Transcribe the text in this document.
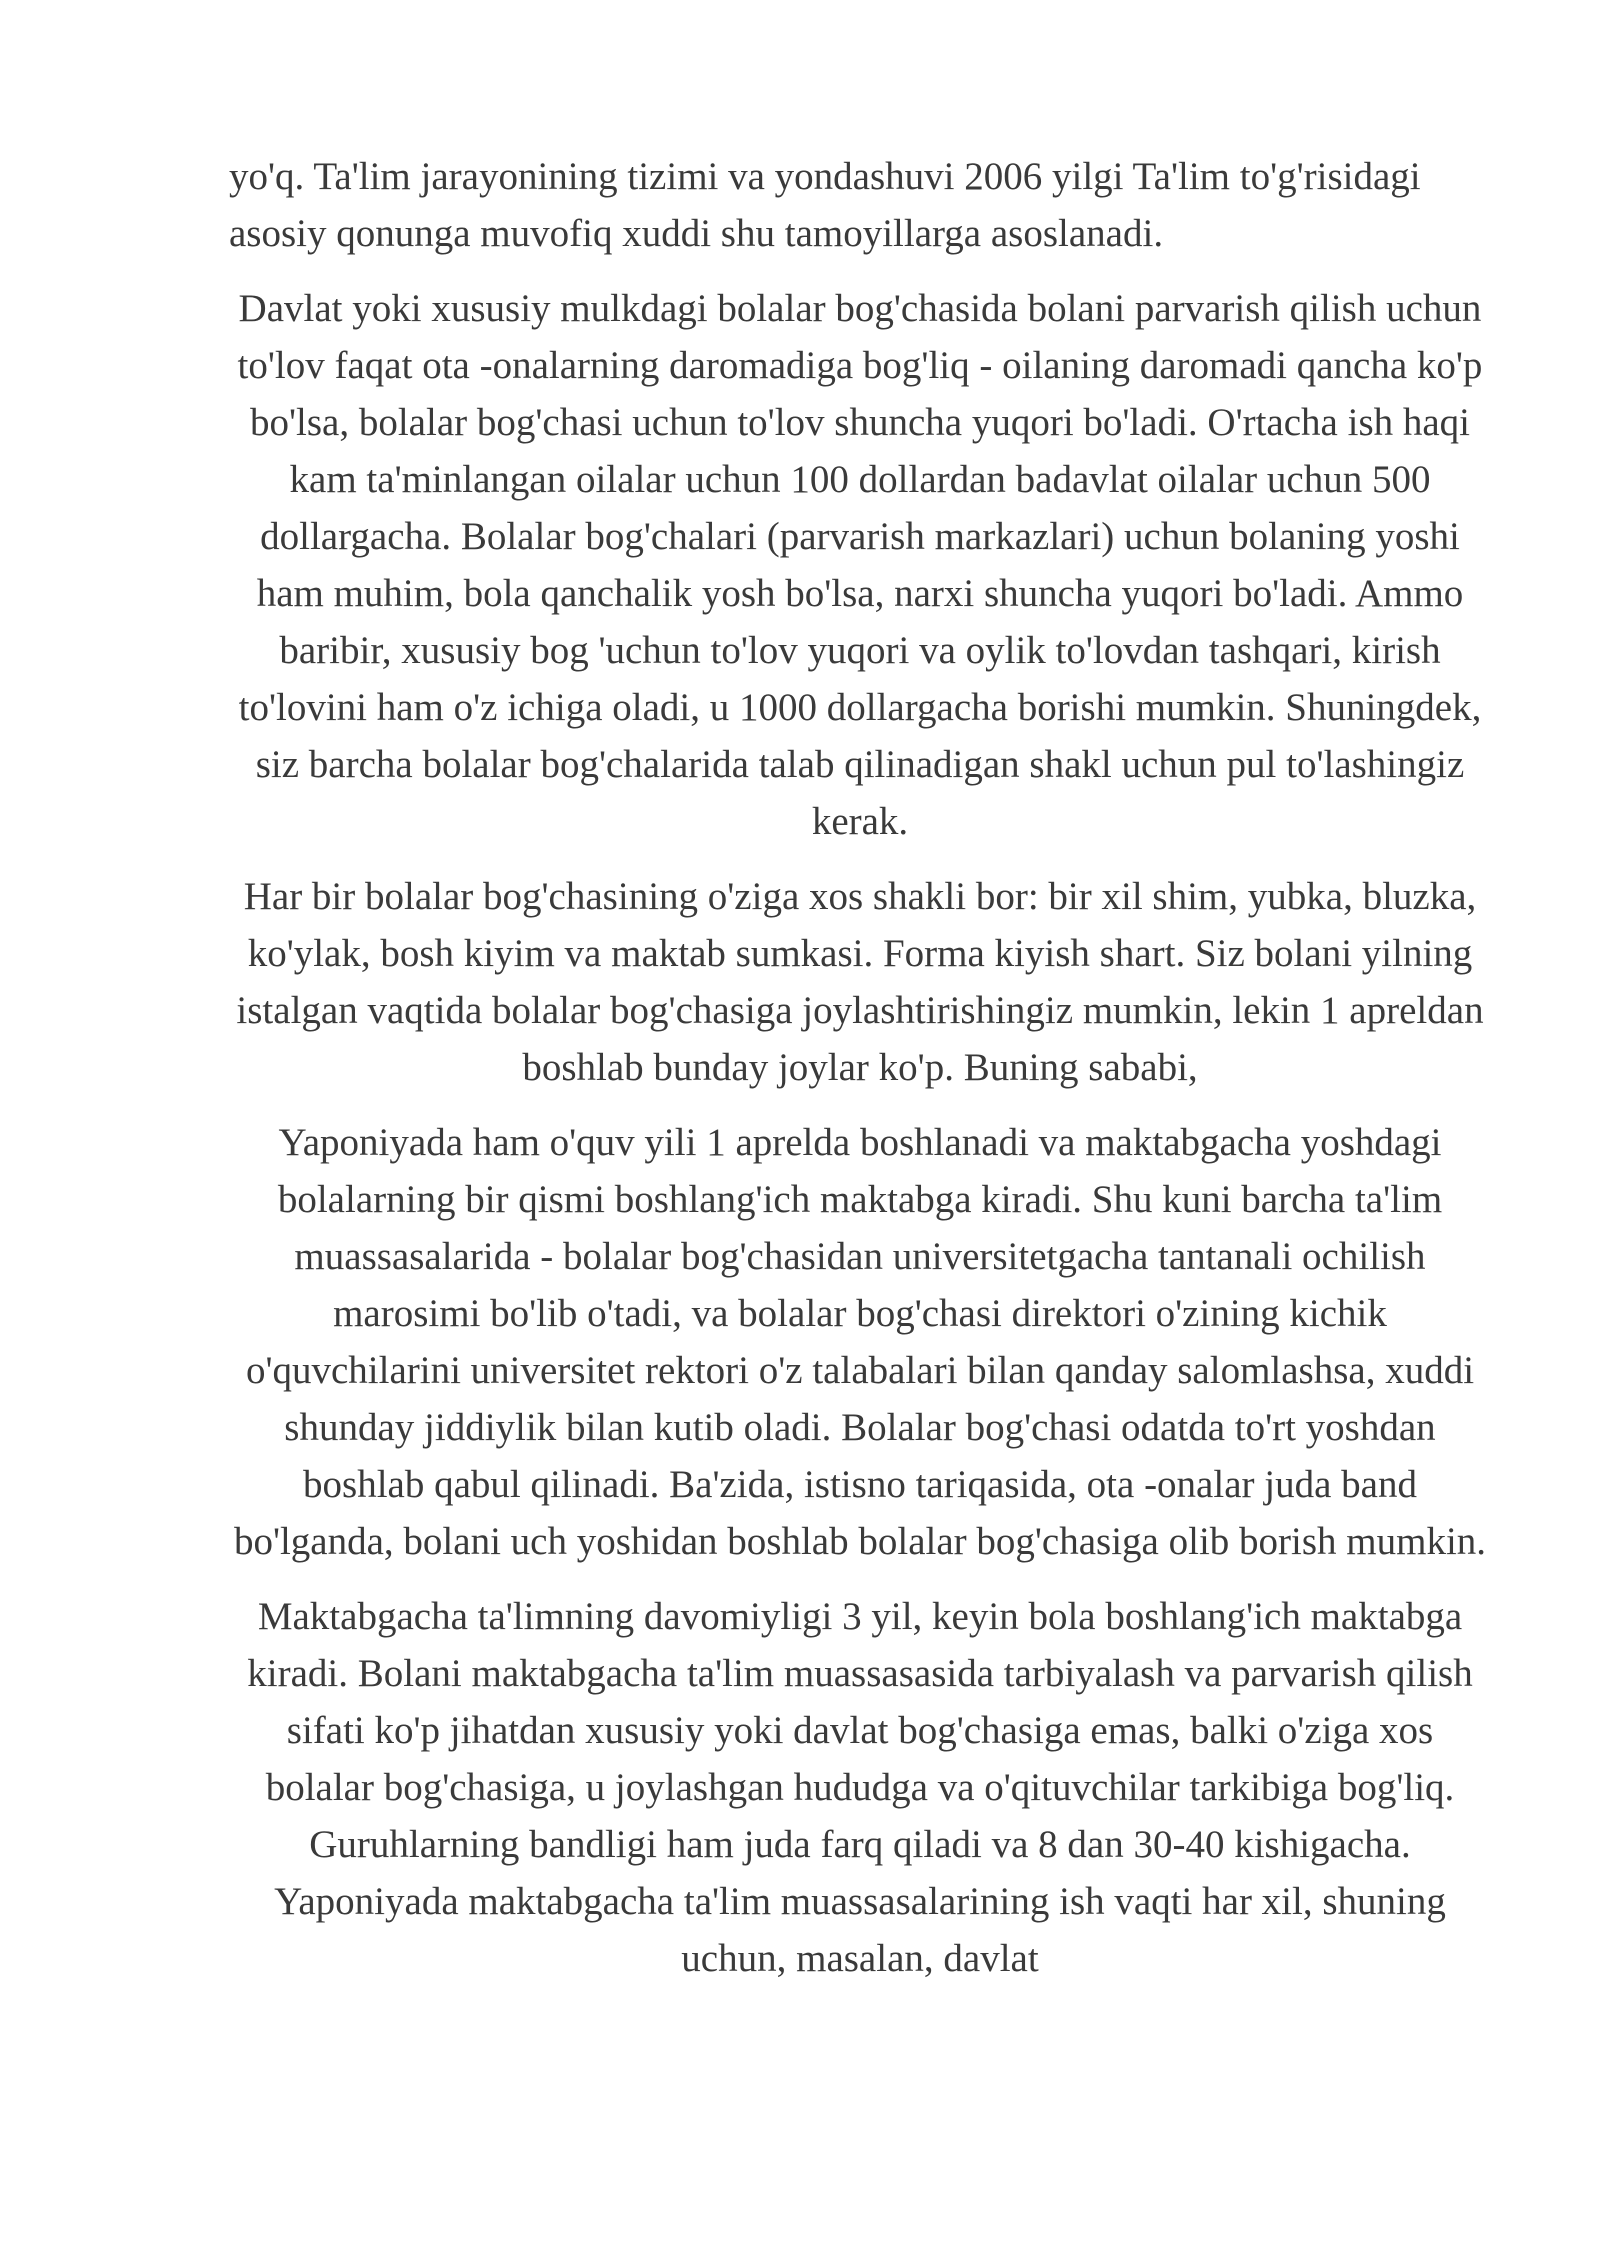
yo'q. Ta'lim jarayonining tizimi va yondashuvi 2006 yilgi Ta'lim to'g'risidagi asosiy qonunga muvofiq xuddi shu tamoyillarga asoslanadi.

Davlat yoki xususiy mulkdagi bolalar bog'chasida bolani parvarish qilish uchun to'lov faqat ota -onalarning daromadiga bog'liq - oilaning daromadi qancha ko'p bo'lsa, bolalar bog'chasi uchun to'lov shuncha yuqori bo'ladi. O'rtacha ish haqi kam ta'minlangan oilalar uchun 100 dollardan badavlat oilalar uchun 500 dollargacha. Bolalar bog'chalari (parvarish markazlari) uchun bolaning yoshi ham muhim, bola qanchalik yosh bo'lsa, narxi shuncha yuqori bo'ladi. Ammo baribir, xususiy bog 'uchun to'lov yuqori va oylik to'lovdan tashqari, kirish to'lovini ham o'z ichiga oladi, u 1000 dollargacha borishi mumkin. Shuningdek, siz barcha bolalar bog'chalarida talab qilinadigan shakl uchun pul to'lashingiz kerak.

Har bir bolalar bog'chasining o'ziga xos shakli bor: bir xil shim, yubka, bluzka, ko'ylak, bosh kiyim va maktab sumkasi. Forma kiyish shart. Siz bolani yilning istalgan vaqtida bolalar bog'chasiga joylashtirishingiz mumkin, lekin 1 apreldan boshlab bunday joylar ko'p. Buning sababi,

Yaponiyada ham o'quv yili 1 aprelda boshlanadi va maktabgacha yoshdagi bolalarning bir qismi boshlang'ich maktabga kiradi. Shu kuni barcha ta'lim muassasalarida - bolalar bog'chasidan universitetgacha tantanali ochilish marosimi bo'lib o'tadi, va bolalar bog'chasi direktori o'zining kichik o'quvchilarini universitet rektori o'z talabalari bilan qanday salomlashsa, xuddi shunday jiddiylik bilan kutib oladi. Bolalar bog'chasi odatda to'rt yoshdan boshlab qabul qilinadi. Ba'zida, istisno tariqasida, ota -onalar juda band bo'lganda, bolani uch yoshidan boshlab bolalar bog'chasiga olib borish mumkin.

Maktabgacha ta'limning davomiyligi 3 yil, keyin bola boshlang'ich maktabga kiradi. Bolani maktabgacha ta'lim muassasasida tarbiyalash va parvarish qilish sifati ko'p jihatdan xususiy yoki davlat bog'chasiga emas, balki o'ziga xos bolalar bog'chasiga, u joylashgan hududga va o'qituvchilar tarkibiga bog'liq. Guruhlarning bandligi ham juda farq qiladi va 8 dan 30-40 kishigacha. Yaponiyada maktabgacha ta'lim muassasalarining ish vaqti har xil, shuning uchun, masalan, davlat
